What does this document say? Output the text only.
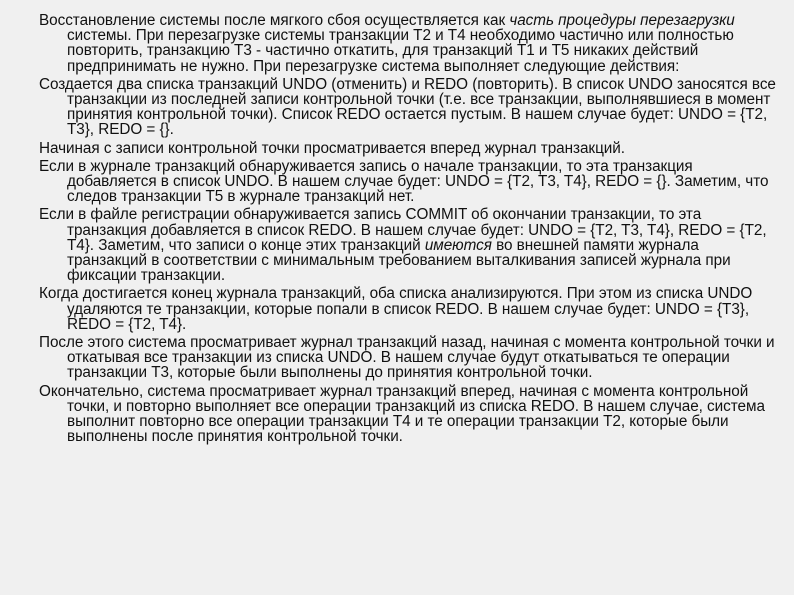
Восстановление системы после мягкого сбоя осуществляется как часть процедуры перезагрузки системы. При перезагрузке системы транзакции T2 и T4 необходимо частично или полностью повторить, транзакцию T3 - частично откатить, для транзакций T1 и T5 никаких действий предпринимать не нужно. При перезагрузке система выполняет следующие действия:

Создается два списка транзакций UNDO (отменить) и REDO (повторить). В список UNDO заносятся все транзакции из последней записи контрольной точки (т.е. все транзакции, выполнявшиеся в момент принятия контрольной точки). Список REDO остается пустым. В нашем случае будет: UNDO = {T2, T3}, REDO = {}.

Начиная с записи контрольной точки просматривается вперед журнал транзакций.

Если в журнале транзакций обнаруживается запись о начале транзакции, то эта транзакция добавляется в список UNDO. В нашем случае будет: UNDO = {T2, T3, T4}, REDO = {}. Заметим, что следов транзакции T5 в журнале транзакций нет.

Если в файле регистрации обнаруживается запись COMMIT об окончании транзакции, то эта транзакция добавляется в список REDO. В нашем случае будет: UNDO = {T2, T3, T4}, REDO = {T2, T4}. Заметим, что записи о конце этих транзакций имеются во внешней памяти журнала транзакций в соответствии с минимальным требованием выталкивания записей журнала при фиксации транзакции.

Когда достигается конец журнала транзакций, оба списка анализируются. При этом из списка UNDO удаляются те транзакции, которые попали в список REDO. В нашем случае будет: UNDO = {T3}, REDO = {T2, T4}.

После этого система просматривает журнал транзакций назад, начиная с момента контрольной точки и откатывая все транзакции из списка UNDO. В нашем случае будут откатываться те операции транзакции T3, которые были выполнены до принятия контрольной точки.

Окончательно, система просматривает журнал транзакций вперед, начиная с момента контрольной точки, и повторно выполняет все операции транзакций из списка REDO. В нашем случае, система выполнит повторно все операции транзакции T4 и те операции транзакции T2, которые были выполнены после принятия контрольной точки.
